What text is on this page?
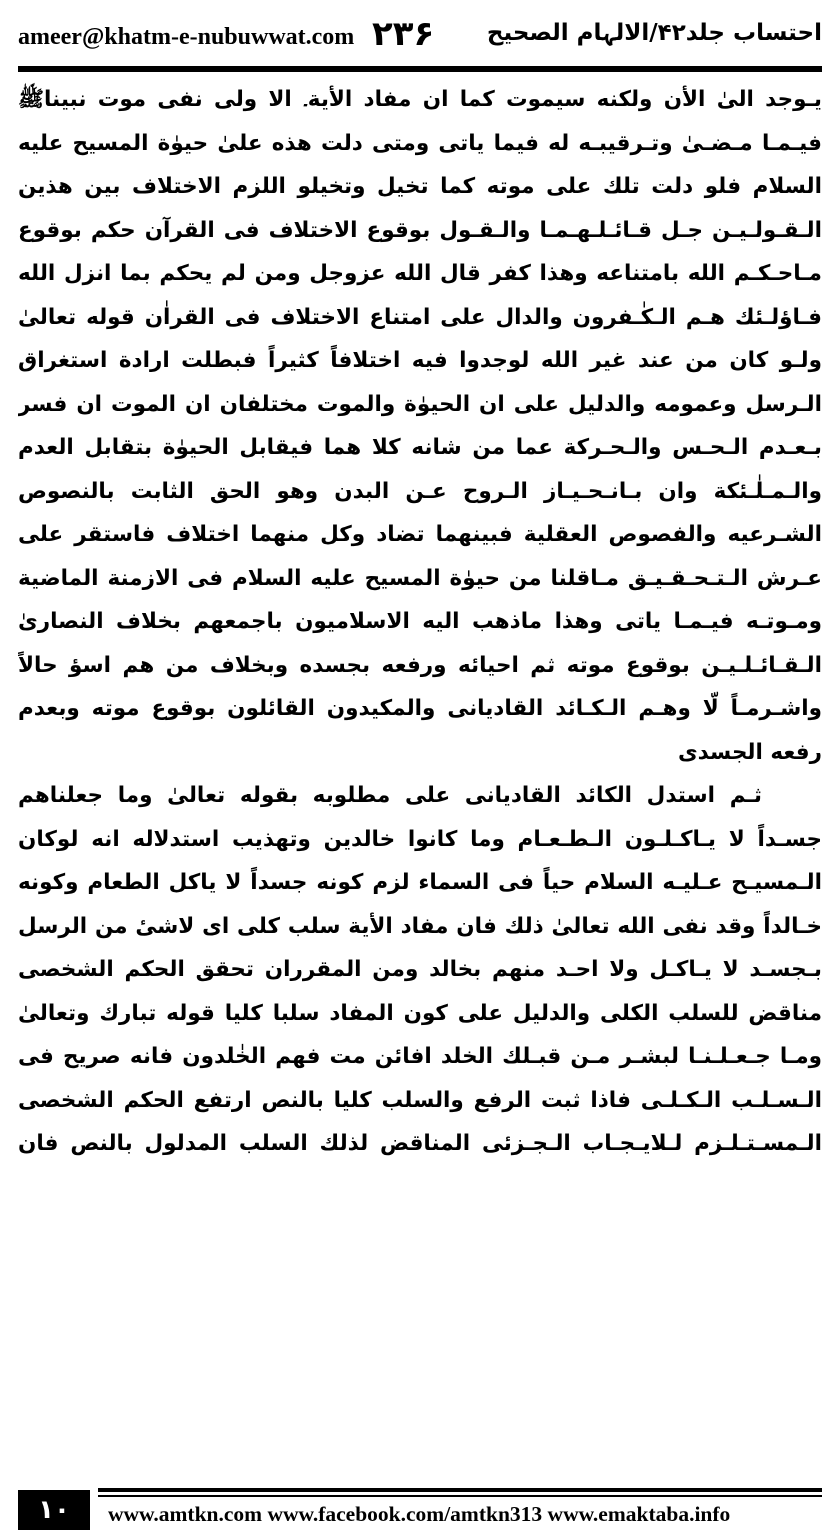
ameer@khatm-e-nubuwwat.com ۲۳۶ احتساب جلد۴۲/الالہام الصحیح
یـوجد الیٰ الأن ولکنه سیموت کما ان مفاد الأیة۔ الا ولی نفی موت نبیناﷺ
فیـمـا مـضـیٰ وتـرقیبـه له فیما یاتی ومتی دلت هذه علیٰ حیوٰة المسیح علیه
السلام فلو دلت تلك علی موته کما تخیل وتخیلو اللزم الاختلاف بین هذین
الـقـولـیـن جـل قـائـلـهـمـا والـقـول بوقوع الاختلاف فی القرآن حکم بوقوع
مـاحـکـم الله بامتناعه وهذا کفر قال الله عزوجل ومن لم یحکم بما انزل الله
فـاؤلـئك هـم الـکٰـفرون والدال علی امتناع الاختلاف فی القراٰن قوله تعالیٰ
ولـو کان من عند غیر الله لوجدوا فیه اختلافاً کثیراً فبطلت ارادة استغراق
الـرسل وعمومه والدلیل علی ان الحیوٰة والموت مختلفان ان الموت ان فسر
بـعـدم الـحـس والـحـرکة عما من شانه کلا هما فیقابل الحیوٰة بتقابل العدم
والـمـلٰـئکة وان بـانـحـیـاز الـروح عـن البدن وهو الحق الثابت بالنصوص
الشـرعیه والفصوص العقلیة فبینهما تضاد وکل منهما اختلاف فاستقر علی
عـرش الـتـحـقـیـق مـاقلنا من حیوٰة المسیح علیه السلام فی الازمنة الماضیة
ومـوتـه فیـمـا یاتی وهذا ماذهب الیه الاسلامیون باجمعهم بخلاف النصاریٰ
الـقـائـلـیـن بوقوع موته ثم احیائه ورفعه بجسده وبخلاف من هم اسؤ حالاً
واشـرمـاً لّا وهـم الـکـائد القادیانی والمکیدون القائلون بوقوع موته وبعدم
رفعه الجسدی
ثـم استدل الکائد القادیانی علی مطلوبه بقوله تعالیٰ وما جعلناهم
جسـداً لا یـاکـلـون الـطـعـام وما کانوا خالدین وتهذیب استدلاله انه لوکان
الـمسیـح عـلیـه السلام حیاً فی السماء لزم کونه جسداً لا یاکل الطعام وکونه
خـالداً وقد نفی الله تعالیٰ ذلك فان مفاد الأیة سلب کلی ای لاشیٔ من الرسل
بـجسـد لا یـاکـل ولا احـد منهم بخالد ومن المقرران تحقق الحکم الشخصی
مناقض للسلب الکلی والدلیل علی کون المفاد سلبا کلیا قوله تبارك وتعالیٰ
ومـا جـعـلـنـا لبشـر مـن قبـلك الخلد افائن مت فهم الخٰلدون فانه صریح فی
الـسـلـب الـکـلـی فاذا ثبت الرفع والسلب کلیا بالنص ارتفع الحکم الشخصی
الـمسـتـلـزم لـلایـجـاب الـجـزئی المناقض لذلك السلب المدلول بالنص فان
۱۰	www.amtkn.com www.facebook.com/amtkn313 www.emaktaba.info
